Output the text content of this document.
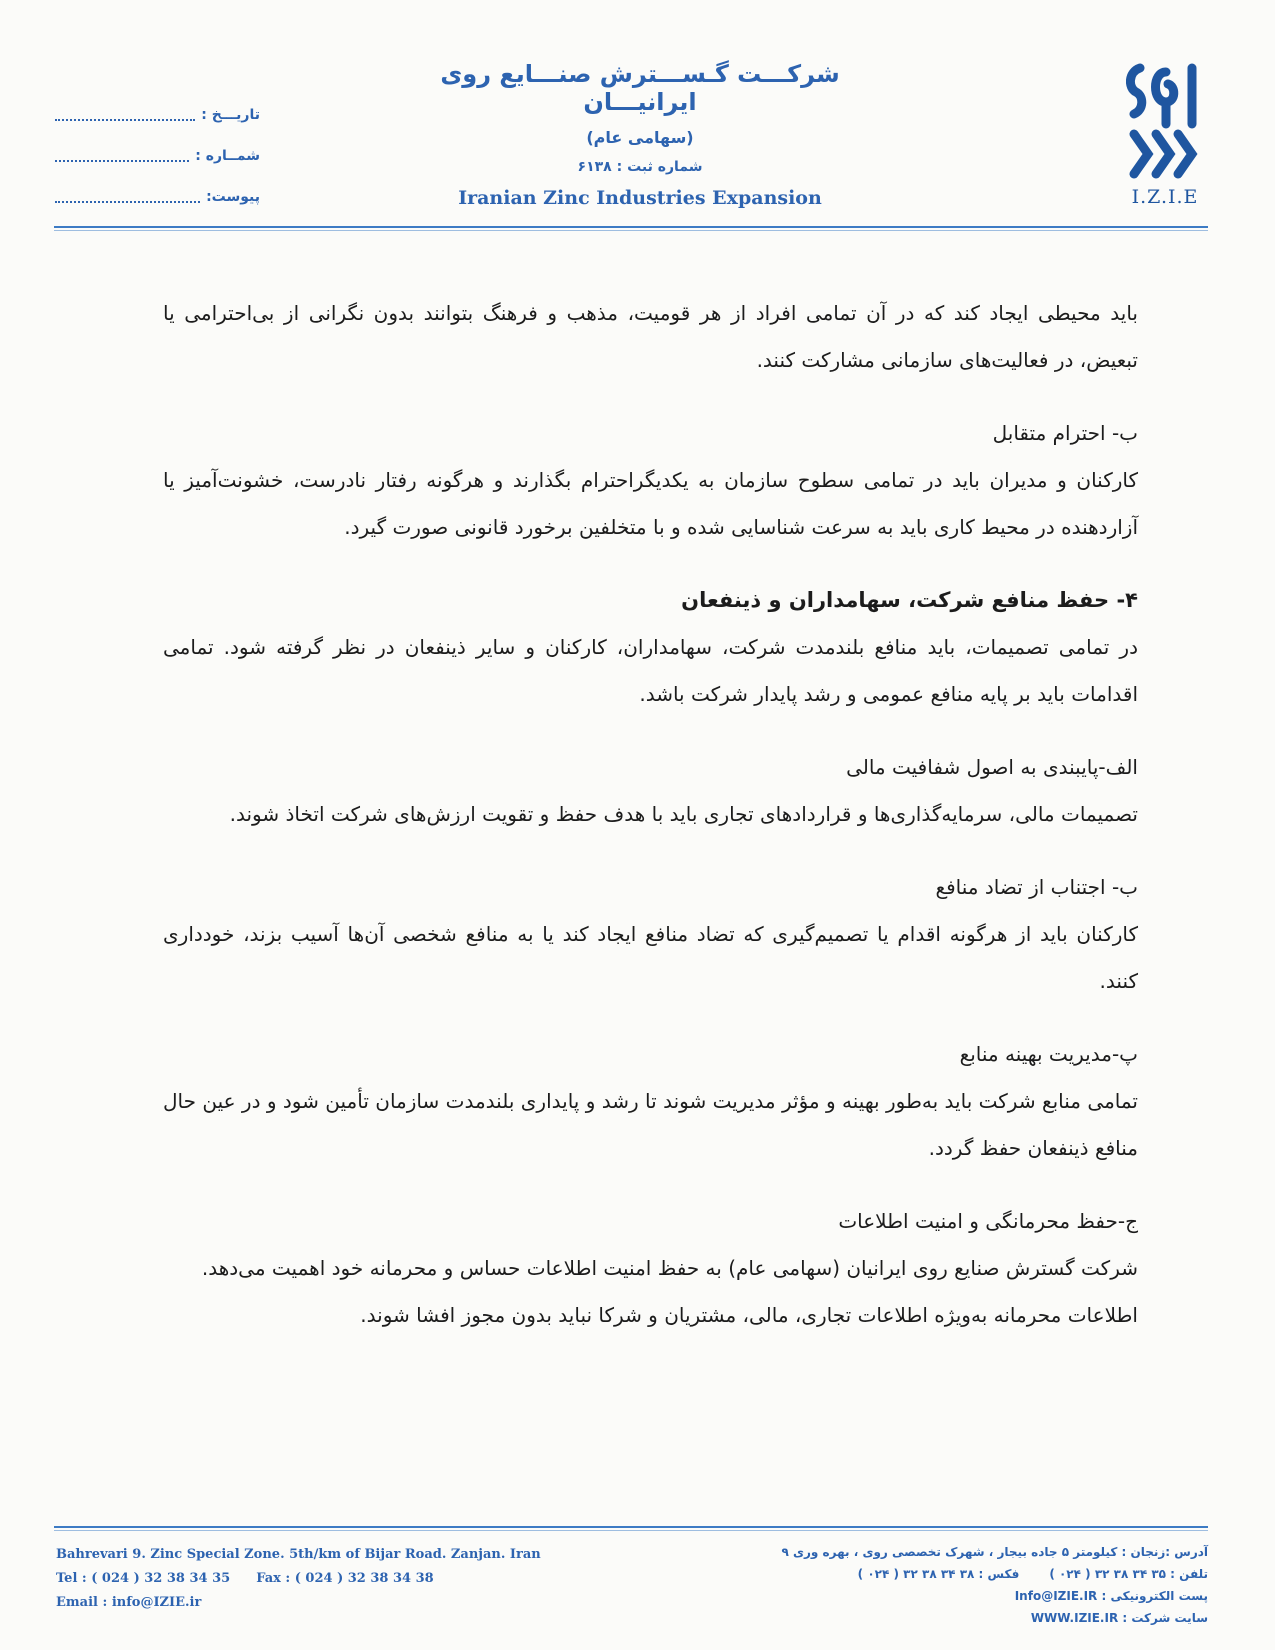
I.Z.I.E
شرکـــت گـســـترش صنـــایع روی ایرانیـــان
(سهامی عام)
شماره ثبت : ۶۱۳۸
Iranian Zinc Industries Expansion
تاریـــخ :
شمــاره :
پیوست:

باید محیطی ایجاد کند که در آن تمامی افراد از هر قومیت، مذهب و فرهنگ بتوانند بدون نگرانی از بی‌احترامی یا تبعیض، در فعالیت‌های سازمانی مشارکت کنند.

ب- احترام متقابل

کارکنان و مدیران باید در تمامی سطوح سازمان به یکدیگراحترام بگذارند و هرگونه رفتار نادرست، خشونت‌آمیز یا آزاردهنده در محیط کاری باید به سرعت شناسایی شده و با متخلفین برخورد قانونی صورت گیرد.

۴- حفظ منافع شرکت، سهامداران و ذینفعان

در تمامی تصمیمات، باید منافع بلندمدت شرکت، سهامداران، کارکنان و سایر ذینفعان در نظر گرفته شود. تمامی اقدامات باید بر پایه منافع عمومی و رشد پایدار شرکت باشد.

الف-پایبندی به اصول شفافیت مالی

تصمیمات مالی، سرمایه‌گذاری‌ها و قراردادهای تجاری باید با هدف حفظ و تقویت ارزش‌های شرکت اتخاذ شوند.

ب- اجتناب از تضاد منافع

کارکنان باید از هرگونه اقدام یا تصمیم‌گیری که تضاد منافع ایجاد کند یا به منافع شخصی آن‌ها آسیب بزند، خودداری کنند.

پ-مدیریت بهینه منابع

تمامی منابع شرکت باید به‌طور بهینه و مؤثر مدیریت شوند تا رشد و پایداری بلندمدت سازمان تأمین شود و در عین حال منافع ذینفعان حفظ گردد.

ج-حفظ محرمانگی و امنیت اطلاعات

شرکت گسترش صنایع روی ایرانیان (سهامی عام) به حفظ امنیت اطلاعات حساس و محرمانه خود اهمیت می‌دهد.

اطلاعات محرمانه به‌ویژه اطلاعات تجاری، مالی، مشتریان و شرکا نباید بدون مجوز افشا شوند.

Bahrevari 9. Zinc Special Zone. 5th/km of Bijar Road. Zanjan. Iran
Tel : ( 024 ) 32 38 34 35 Fax : ( 024 ) 32 38 34 38
Email : info@IZIE.ir
آدرس :زنجان : کیلومتر ۵ جاده بیجار ، شهرک تخصصی روی ، بهره وری ۹
تلفن : ۳۵ ۳۴ ۳۸ ۳۲ ( ۰۲۴ )فکس : ۳۸ ۳۴ ۳۸ ۳۲ ( ۰۲۴ )
پست الکترونیکی : Info@IZIE.IR
سایت شرکت : WWW.IZIE.IR
